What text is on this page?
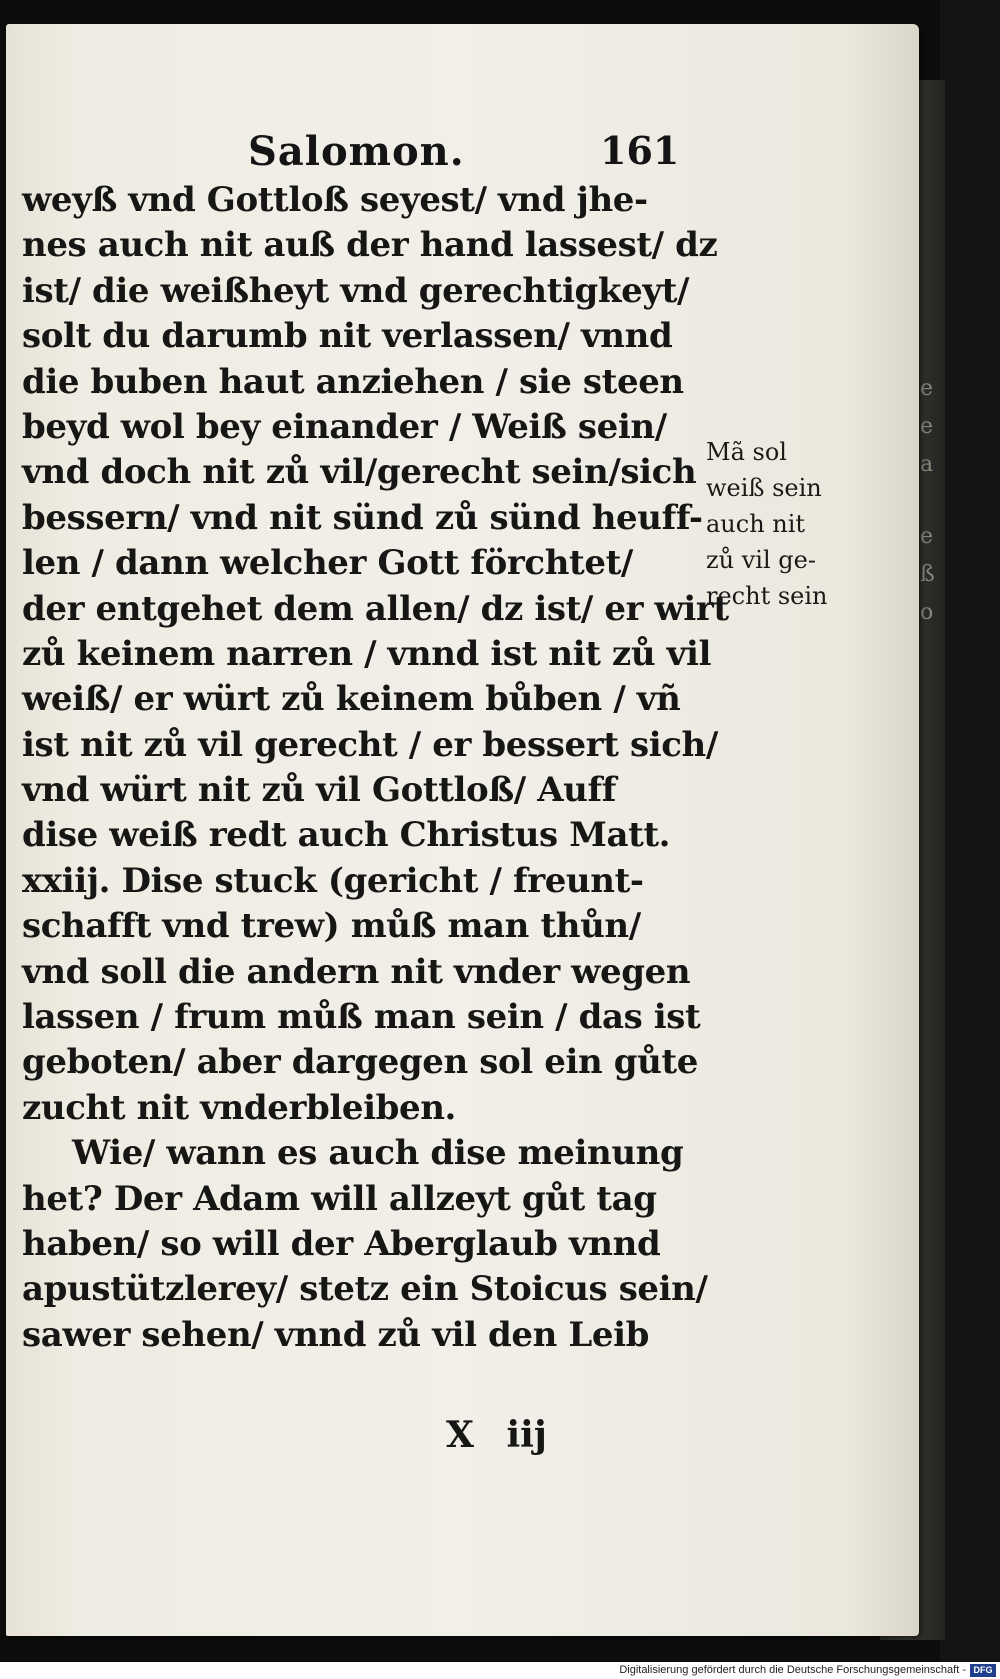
e
e
a
e
ß
o
Salomon.	161
weyß vnd Gottloß seyest/ vnd jhe-
nes auch nit auß der hand lassest/ dz
ist/ die weißheyt vnd gerechtigkeyt/
solt du darumb nit verlassen/ vnnd
die buben haut anziehen / sie steen
beyd wol bey einander / Weiß sein/
vnd doch nit zů vil/gerecht sein/sich
bessern/ vnd nit sünd zů sünd heuff-
len / dann welcher Gott förchtet/
der entgehet dem allen/ dz ist/ er wirt
zů keinem narren / vnnd ist nit zů vil
weiß/ er würt zů keinem bůben / vñ
ist nit zů vil gerecht / er bessert sich/
vnd würt nit zů vil Gottloß/ Auff
dise weiß redt auch Christus Matt.
xxiij. Dise stuck (gericht / freunt-
schafft vnd trew) můß man thůn/
vnd soll die andern nit vnder wegen
lassen / frum můß man sein / das ist
geboten/ aber dargegen sol ein gůte
zucht nit vnderbleiben.
Wie/ wann es auch dise meinung
het? Der Adam will allzeyt gůt tag
haben/ so will der Aberglaub vnnd
apustützlerey/ stetz ein Stoicus sein/
sawer sehen/ vnnd zů vil den Leib
Mã sol
weiß sein
auch nit
zů vil ge-
recht sein
X iij
Digitalisierung gefördert durch die Deutsche Forschungsgemeinschaft - DFG
